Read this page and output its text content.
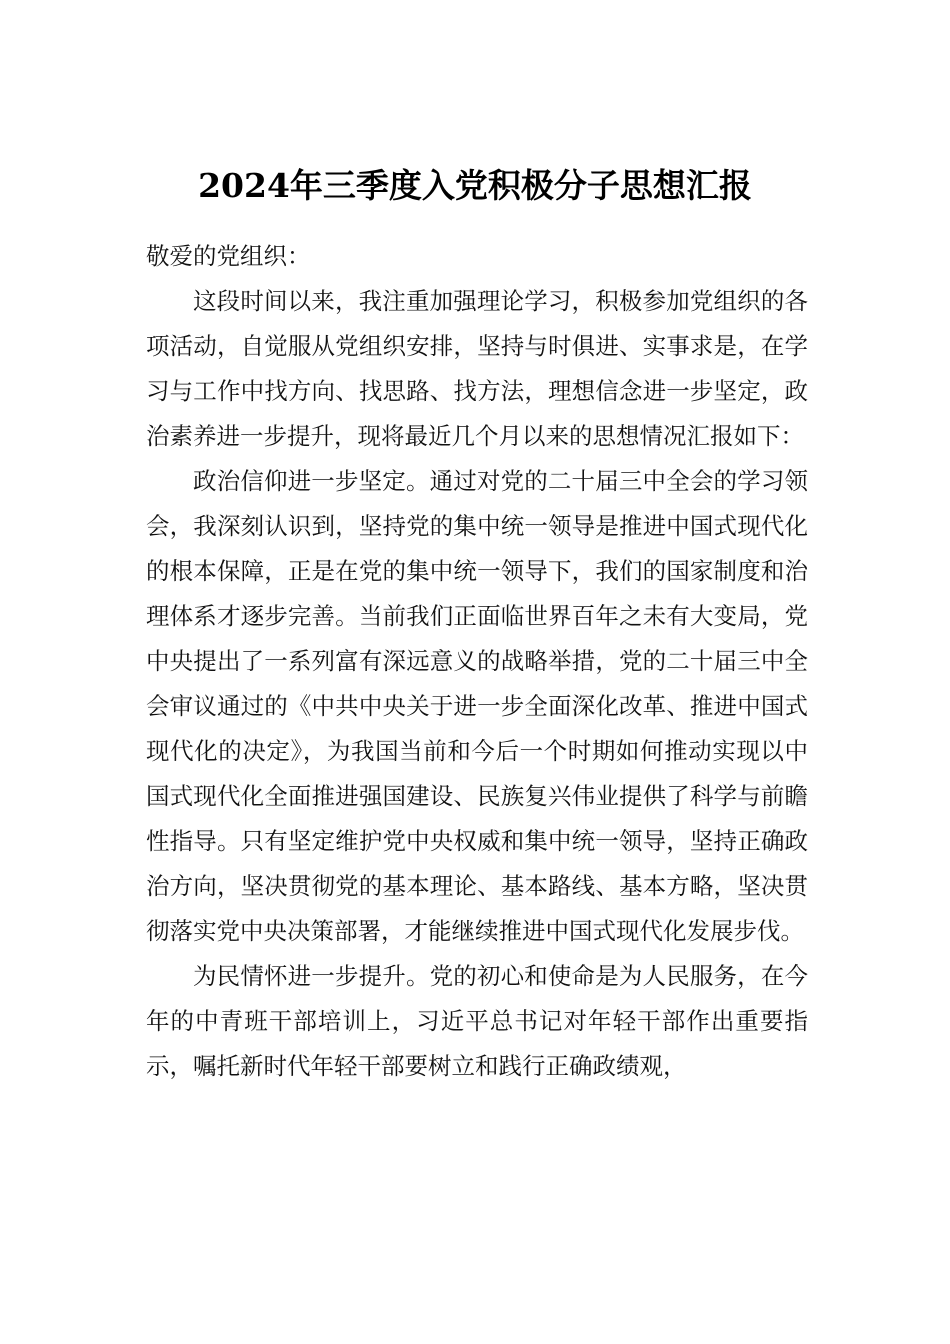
2024年三季度入党积极分子思想汇报

敬爱的党组织：

这段时间以来，我注重加强理论学习，积极参加党组织的各项活动，自觉服从党组织安排，坚持与时俱进、实事求是，在学习与工作中找方向、找思路、找方法，理想信念进一步坚定，政治素养进一步提升，现将最近几个月以来的思想情况汇报如下：

政治信仰进一步坚定。通过对党的二十届三中全会的学习领会，我深刻认识到，坚持党的集中统一领导是推进中国式现代化的根本保障，正是在党的集中统一领导下，我们的国家制度和治理体系才逐步完善。当前我们正面临世界百年之未有大变局，党中央提出了一系列富有深远意义的战略举措，党的二十届三中全会审议通过的《中共中央关于进一步全面深化改革、推进中国式现代化的决定》，为我国当前和今后一个时期如何推动实现以中国式现代化全面推进强国建设、民族复兴伟业提供了科学与前瞻性指导。只有坚定维护党中央权威和集中统一领导，坚持正确政治方向，坚决贯彻党的基本理论、基本路线、基本方略，坚决贯彻落实党中央决策部署，才能继续推进中国式现代化发展步伐。

为民情怀进一步提升。党的初心和使命是为人民服务，在今年的中青班干部培训上，习近平总书记对年轻干部作出重要指示，嘱托新时代年轻干部要树立和践行正确政绩观，
